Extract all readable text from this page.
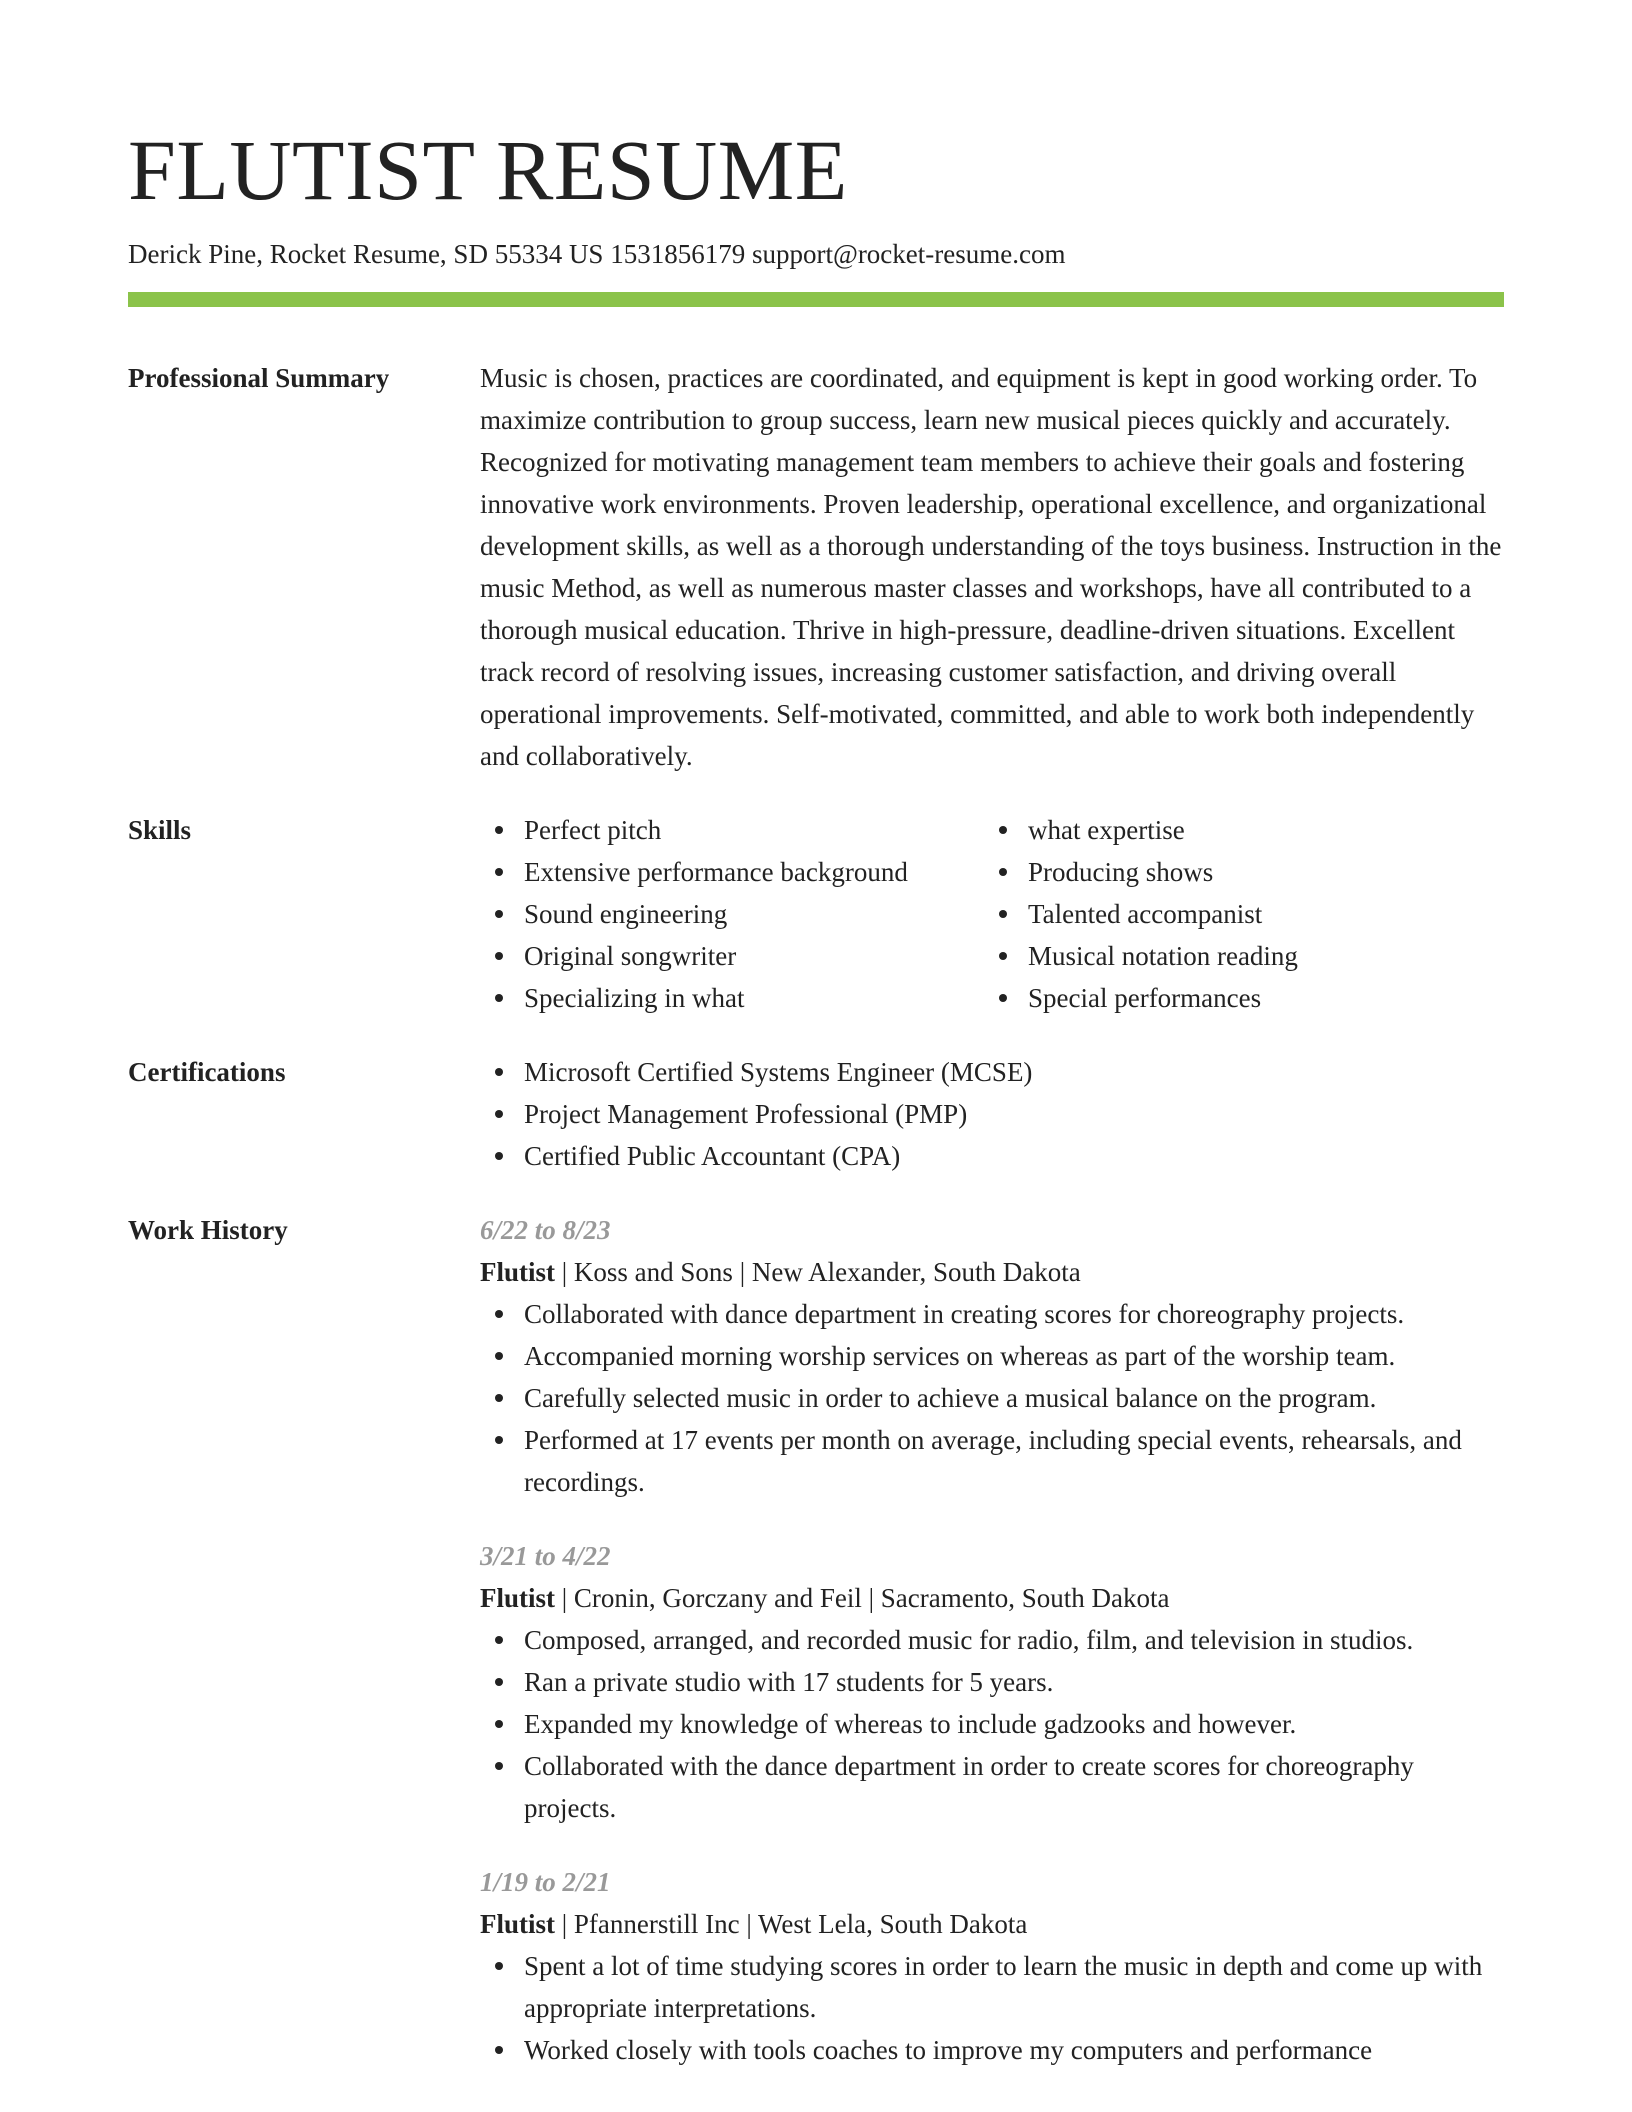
FLUTIST RESUME
Derick Pine, Rocket Resume, SD 55334 US 1531856179 support@rocket-resume.com
Professional Summary	Music is chosen, practices are coordinated, and equipment is kept in good working order. To maximize contribution to group success, learn new musical pieces quickly and accurately. Recognized for motivating management team members to achieve their goals and fostering innovative work environments. Proven leadership, operational excellence, and organizational development skills, as well as a thorough understanding of the toys business. Instruction in the music Method, as well as numerous master classes and workshops, have all contributed to a thorough musical education. Thrive in high-pressure, deadline-driven situations. Excellent track record of resolving issues, increasing customer satisfaction, and driving overall operational improvements. Self-motivated, committed, and able to work both independently and collaboratively.

Skills	Perfect pitch
Extensive performance background
Sound engineering
Original songwriter
Specializing in what
what expertise
Producing shows
Talented accompanist
Musical notation reading
Special performances
Certifications	Microsoft Certified Systems Engineer (MCSE)
Project Management Professional (PMP)
Certified Public Accountant (CPA)
Work History	6/22 to 8/23
Flutist | Koss and Sons | New Alexander, South Dakota
Collaborated with dance department in creating scores for choreography projects.
Accompanied morning worship services on whereas as part of the worship team.
Carefully selected music in order to achieve a musical balance on the program.
Performed at 17 events per month on average, including special events, rehearsals, and recordings.
3/21 to 4/22
Flutist | Cronin, Gorczany and Feil | Sacramento, South Dakota
Composed, arranged, and recorded music for radio, film, and television in studios.
Ran a private studio with 17 students for 5 years.
Expanded my knowledge of whereas to include gadzooks and however.
Collaborated with the dance department in order to create scores for choreography projects.
1/19 to 2/21
Flutist | Pfannerstill Inc | West Lela, South Dakota
Spent a lot of time studying scores in order to learn the music in depth and come up with appropriate interpretations.
Worked closely with tools coaches to improve my computers and performance
